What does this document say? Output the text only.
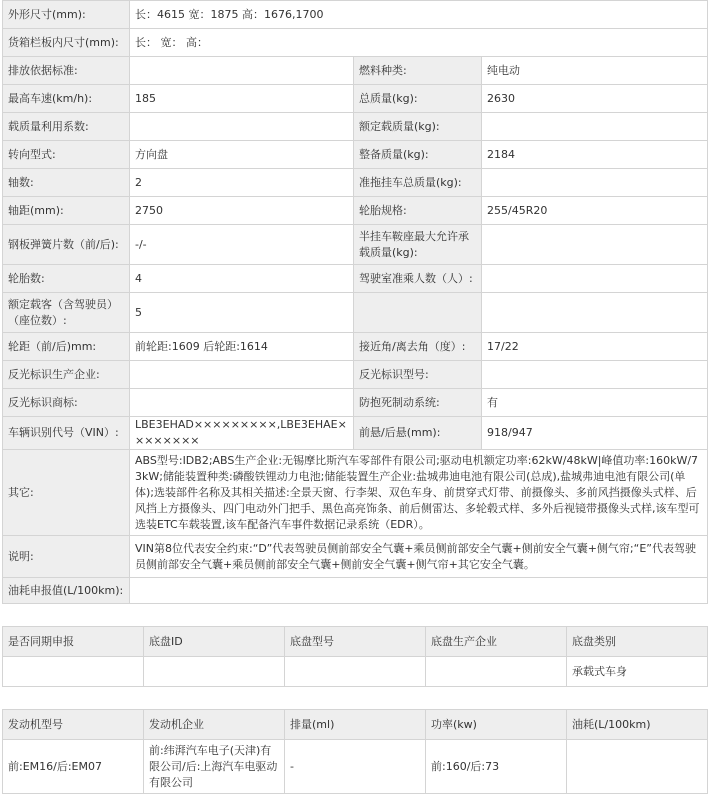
外形尺寸(mm):	长：4615 宽：1875 高：1676,1700		
货箱栏板内尺寸(mm):	长： 宽： 高：		
排放依据标准:		燃料种类:	纯电动
最高车速(km/h):	185	总质量(kg):	2630
载质量利用系数:		额定载质量(kg):	
转向型式:	方向盘	整备质量(kg):	2184
轴数:	2	准拖挂车总质量(kg):	
轴距(mm):	2750	轮胎规格:	255/45R20
钢板弹簧片数（前/后):	-/-	半挂车鞍座最大允许承载质量(kg):	
轮胎数:	4	驾驶室准乘人数（人）:	
额定载客（含驾驶员）（座位数）:	5		
轮距（前/后)mm:	前轮距:1609 后轮距:1614	接近角/离去角（度）:	17/22
反光标识生产企业:		反光标识型号:	
反光标识商标:		防抱死制动系统:	有
车辆识别代号（VIN）:	LBE3EHAD×××××××××,LBE3EHAE××××××××	前悬/后悬(mm):	918/947
其它:	ABS型号:IDB2;ABS生产企业:无锡摩比斯汽车零部件有限公司;驱动电机额定功率:62kW/48kW|峰值功率:160kW/73kW;储能装置种类:磷酸铁锂动力电池;储能装置生产企业:盐城弗迪电池有限公司(总成),盐城弗迪电池有限公司(单体);选装部件名称及其相关描述:全景天窗、行李架、双色车身、前贯穿式灯带、前摄像头、多前风挡摄像头式样、后风挡上方摄像头、四门电动外门把手、黑色高亮饰条、前后侧雷达、多轮毂式样、多外后视镜带摄像头式样,该车型可选装ETC车载装置,该车配备汽车事件数据记录系统（EDR）。		
说明:	VIN第8位代表安全约束:“D”代表驾驶员侧前部安全气囊+乘员侧前部安全气囊+侧前安全气囊+侧气帘;“E”代表驾驶员侧前部安全气囊+乘员侧前部安全气囊+侧前安全气囊+侧气帘+其它安全气囊。		
油耗申报值(L/100km):			
是否同期申报	底盘ID	底盘型号	底盘生产企业	底盘类别
				承载式车身
发动机型号	发动机企业	排量(ml)	功率(kw)	油耗(L/100km)
前:EM16/后:EM07	前:纬湃汽车电子(天津)有限公司/后:上海汽车电驱动有限公司	-	前:160/后:73	
